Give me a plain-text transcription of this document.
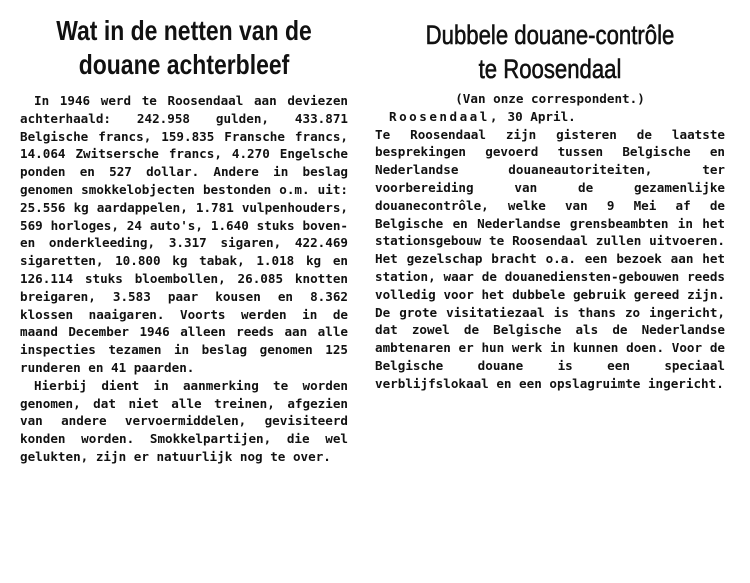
Wat in de netten van de
douane achterbleef

In 1946 werd te Roosendaal aan deviezen achterhaald: 242.958 gulden, 433.871 Belgische francs, 159.835 Fransche francs, 14.064 Zwitsersche francs, 4.270 Engelsche ponden en 527 dollar. Andere in beslag genomen smokkelobjecten bestonden o.m. uit: 25.556 kg aardappelen, 1.781 vulpenhouders, 569 horloges, 24 auto's, 1.640 stuks boven- en onderkleeding, 3.317 sigaren, 422.469 sigaretten, 10.800 kg tabak, 1.018 kg en 126.114 stuks bloembollen, 26.085 knotten breigaren, 3.583 paar kousen en 8.362 klossen naaigaren. Voorts werden in de maand December 1946 alleen reeds aan alle inspecties tezamen in beslag genomen 125 runderen en 41 paarden.

Hierbij dient in aanmerking te worden genomen, dat niet alle treinen, afgezien van andere vervoermiddelen, gevisiteerd konden worden. Smokkelpartijen, die wel gelukten, zijn er natuurlijk nog te over.

Dubbele douane-contrôle
te Roosendaal
(Van onze correspondent.)

Roosendaal, 30 April.
Te Roosendaal zijn gisteren de laatste besprekingen gevoerd tussen Belgische en Nederlandse douaneautoriteiten, ter voorbereiding van de gezamenlijke douanecontrôle, welke van 9 Mei af de Belgische en Nederlandse grensbeambten in het stationsgebouw te Roosendaal zullen uitvoeren. Het gezelschap bracht o.a. een bezoek aan het station, waar de douanediensten-gebouwen reeds volledig voor het dubbele gebruik gereed zijn. De grote visitatiezaal is thans zo ingericht, dat zowel de Belgische als de Nederlandse ambtenaren er hun werk in kunnen doen. Voor de Belgische douane is een speciaal verblijfslokaal en een opslagruimte ingericht.
